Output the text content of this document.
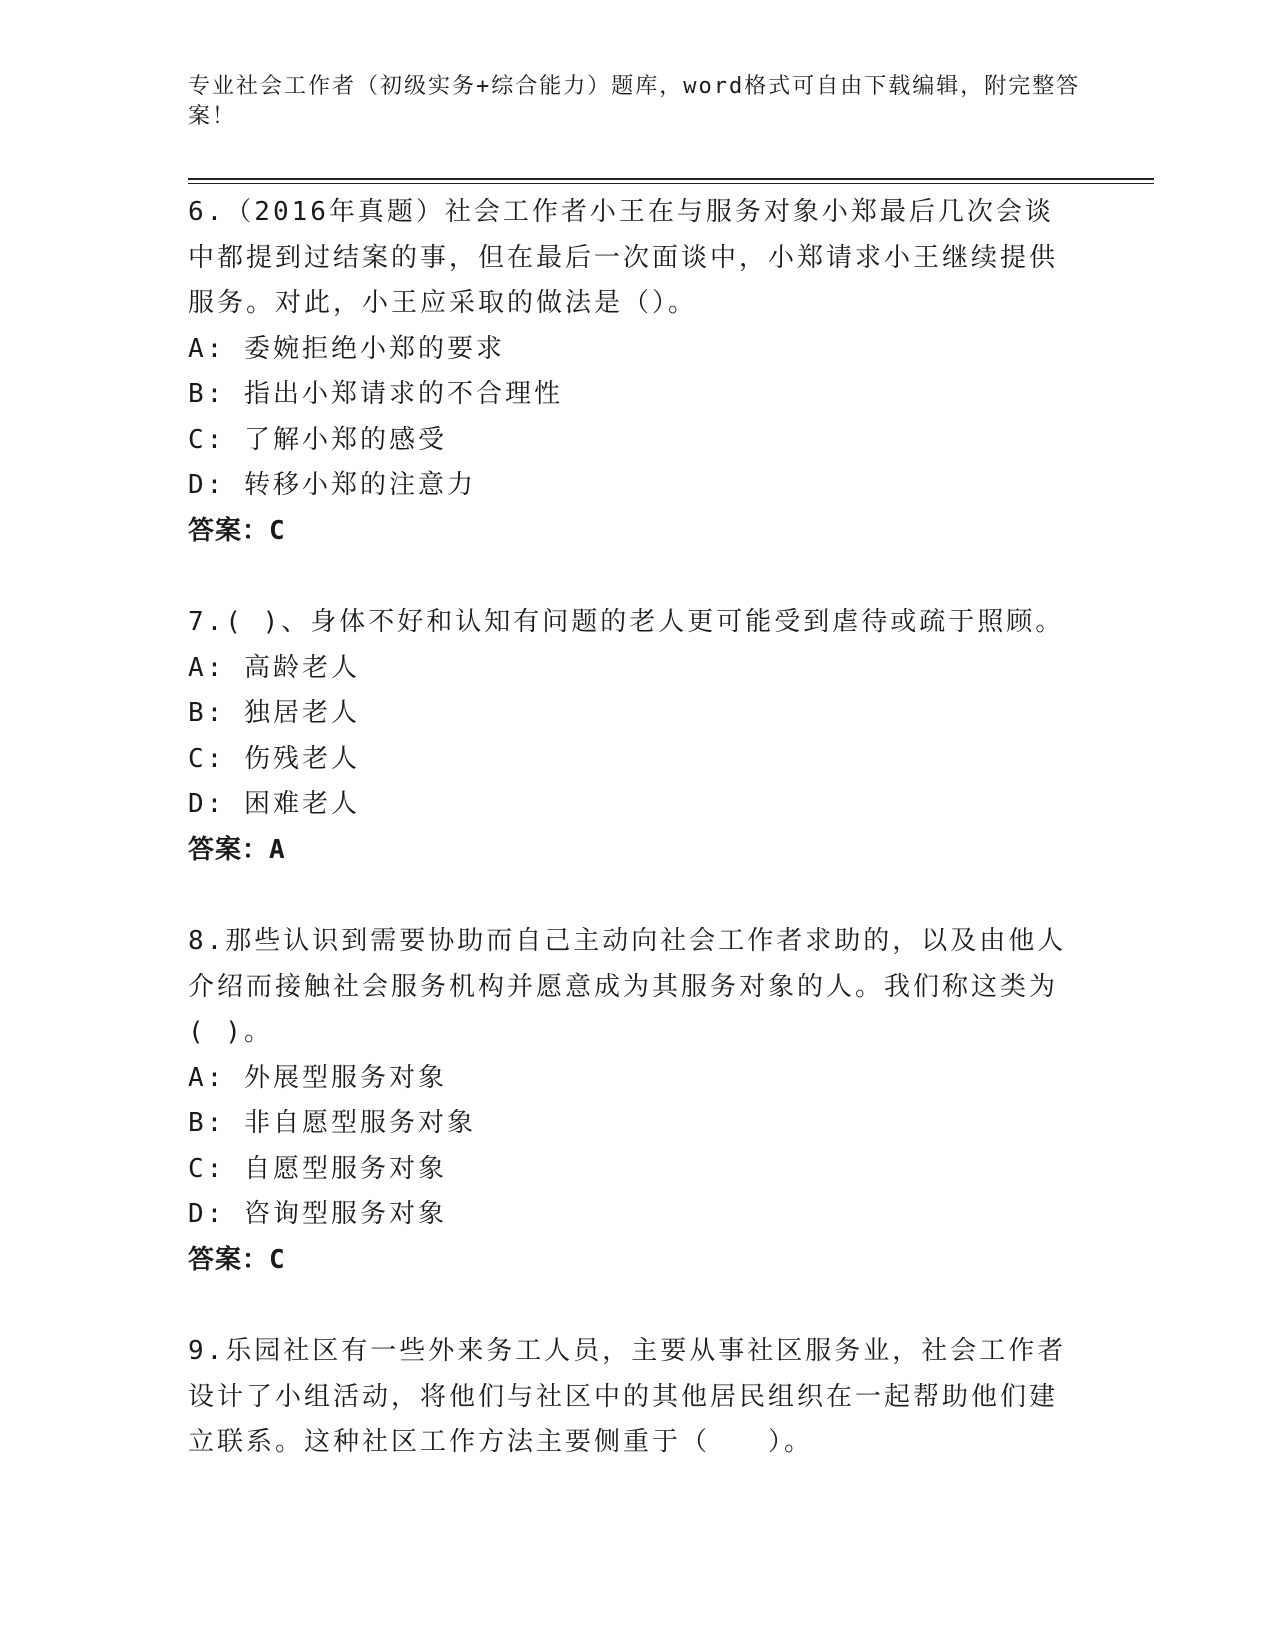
专业社会工作者（初级实务+综合能力）题库，word格式可自由下载编辑，附完整答案！
6.（2016年真题）社会工作者小王在与服务对象小郑最后几次会谈中都提到过结案的事，但在最后一次面谈中，小郑请求小王继续提供服务。对此，小王应采取的做法是（）。
A: 委婉拒绝小郑的要求
B: 指出小郑请求的不合理性
C: 了解小郑的感受
D: 转移小郑的注意力
答案：C
7.( )、身体不好和认知有问题的老人更可能受到虐待或疏于照顾。
A: 高龄老人
B: 独居老人
C: 伤残老人
D: 困难老人
答案：A
8.那些认识到需要协助而自己主动向社会工作者求助的，以及由他人介绍而接触社会服务机构并愿意成为其服务对象的人。我们称这类为( )。
A: 外展型服务对象
B: 非自愿型服务对象
C: 自愿型服务对象
D: 咨询型服务对象
答案：C
9.乐园社区有一些外来务工人员，主要从事社区服务业，社会工作者设计了小组活动，将他们与社区中的其他居民组织在一起帮助他们建立联系。这种社区工作方法主要侧重于（　　）。
